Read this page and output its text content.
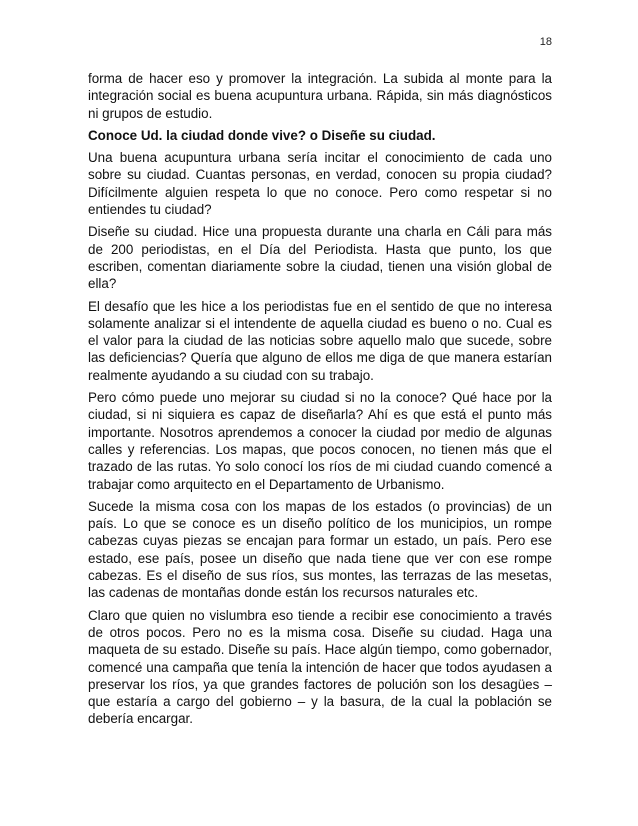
18

forma de hacer eso y promover la integración. La subida al monte para la integración social es buena acupuntura urbana. Rápida, sin más diagnósticos ni grupos de estudio.

Conoce Ud. la ciudad donde vive? o Diseñe su ciudad.

Una buena acupuntura urbana sería incitar el conocimiento de cada uno sobre su ciudad. Cuantas personas, en verdad, conocen su propia ciudad? Difícilmente alguien respeta lo que no conoce. Pero como respetar si no entiendes tu ciudad?

Diseñe su ciudad. Hice una propuesta durante una charla en Cáli para más de 200 periodistas, en el Día del Periodista. Hasta que punto, los que escriben, comentan diariamente sobre la ciudad, tienen una visión global de ella?

El desafío que les hice a los periodistas fue en el sentido de que no interesa solamente analizar si el intendente de aquella ciudad es bueno o no. Cual es el valor para la ciudad de las noticias sobre aquello malo que sucede, sobre las deficiencias? Quería que alguno de ellos me diga de que manera estarían realmente ayudando a su ciudad con su trabajo.

Pero cómo puede uno mejorar su ciudad si no la conoce? Qué hace por la ciudad, si ni siquiera es capaz de diseñarla? Ahí es que está el punto más importante. Nosotros aprendemos a conocer la ciudad por medio de algunas calles y referencias. Los mapas, que pocos conocen, no tienen más que el trazado de las rutas. Yo solo conocí los ríos de mi ciudad cuando comencé a trabajar como arquitecto en el Departamento de Urbanismo.

Sucede la misma cosa con los mapas de los estados (o provincias) de un país. Lo que se conoce es un diseño político de los municipios, un rompe cabezas cuyas piezas se encajan para formar un estado, un país. Pero ese estado, ese país, posee un diseño que nada tiene que ver con ese rompe cabezas. Es el diseño de sus ríos, sus montes, las terrazas de las mesetas, las cadenas de montañas donde están los recursos naturales etc.

Claro que quien no vislumbra eso tiende a recibir ese conocimiento a través de otros pocos. Pero no es la misma cosa. Diseñe su ciudad. Haga una maqueta de su estado. Diseñe su país. Hace algún tiempo, como gobernador, comencé una campaña que tenía la intención de hacer que todos ayudasen a preservar los ríos, ya que grandes factores de polución son los desagües – que estaría a cargo del gobierno – y la basura, de la cual la población se debería encargar.
